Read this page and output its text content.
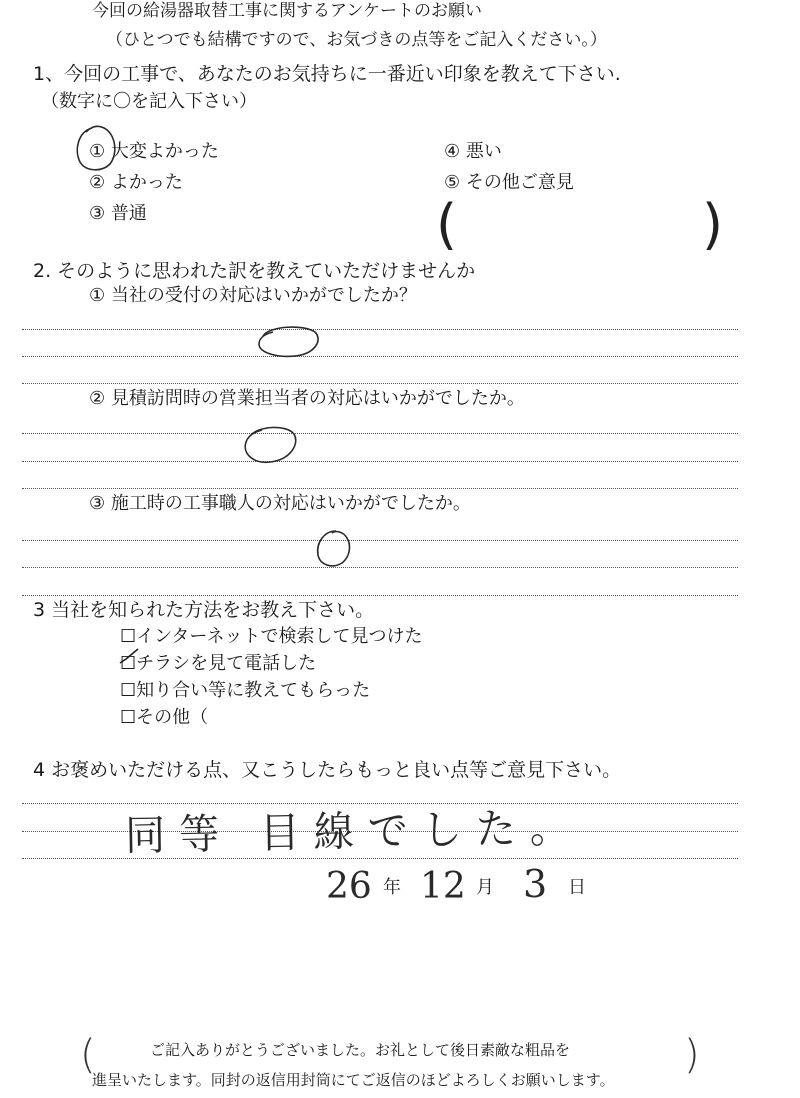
今回の給湯器取替工事に関するアンケートのお願い
（ひとつでも結構ですので、お気づきの点等をご記入ください。）
1、今回の工事で、あなたのお気持ちに一番近い印象を教えて下さい.
（数字に〇を記入下さい）
① 大変よかった
② よかった
③ 普通
④ 悪い
⑤ その他ご意見
(	)
2. そのように思われた訳を教えていただけませんか
① 当社の受付の対応はいかがでしたか？
② 見積訪問時の営業担当者の対応はいかがでしたか。
③ 施工時の工事職人の対応はいかがでしたか。
3 当社を知られた方法をお教え下さい。
☐インターネットで検索して見つけた
☐
チラシを見て電話した
☐知り合い等に教えてもらった
☐その他（
4 お褒めいただける点、又こうしたらもっと良い点等ご意見下さい。
同等 目線でした。
26 年 12 月 3 日
(	)
ご記入ありがとうございました。お礼として後日素敵な粗品を
進呈いたします。同封の返信用封筒にてご返信のほどよろしくお願いします。
